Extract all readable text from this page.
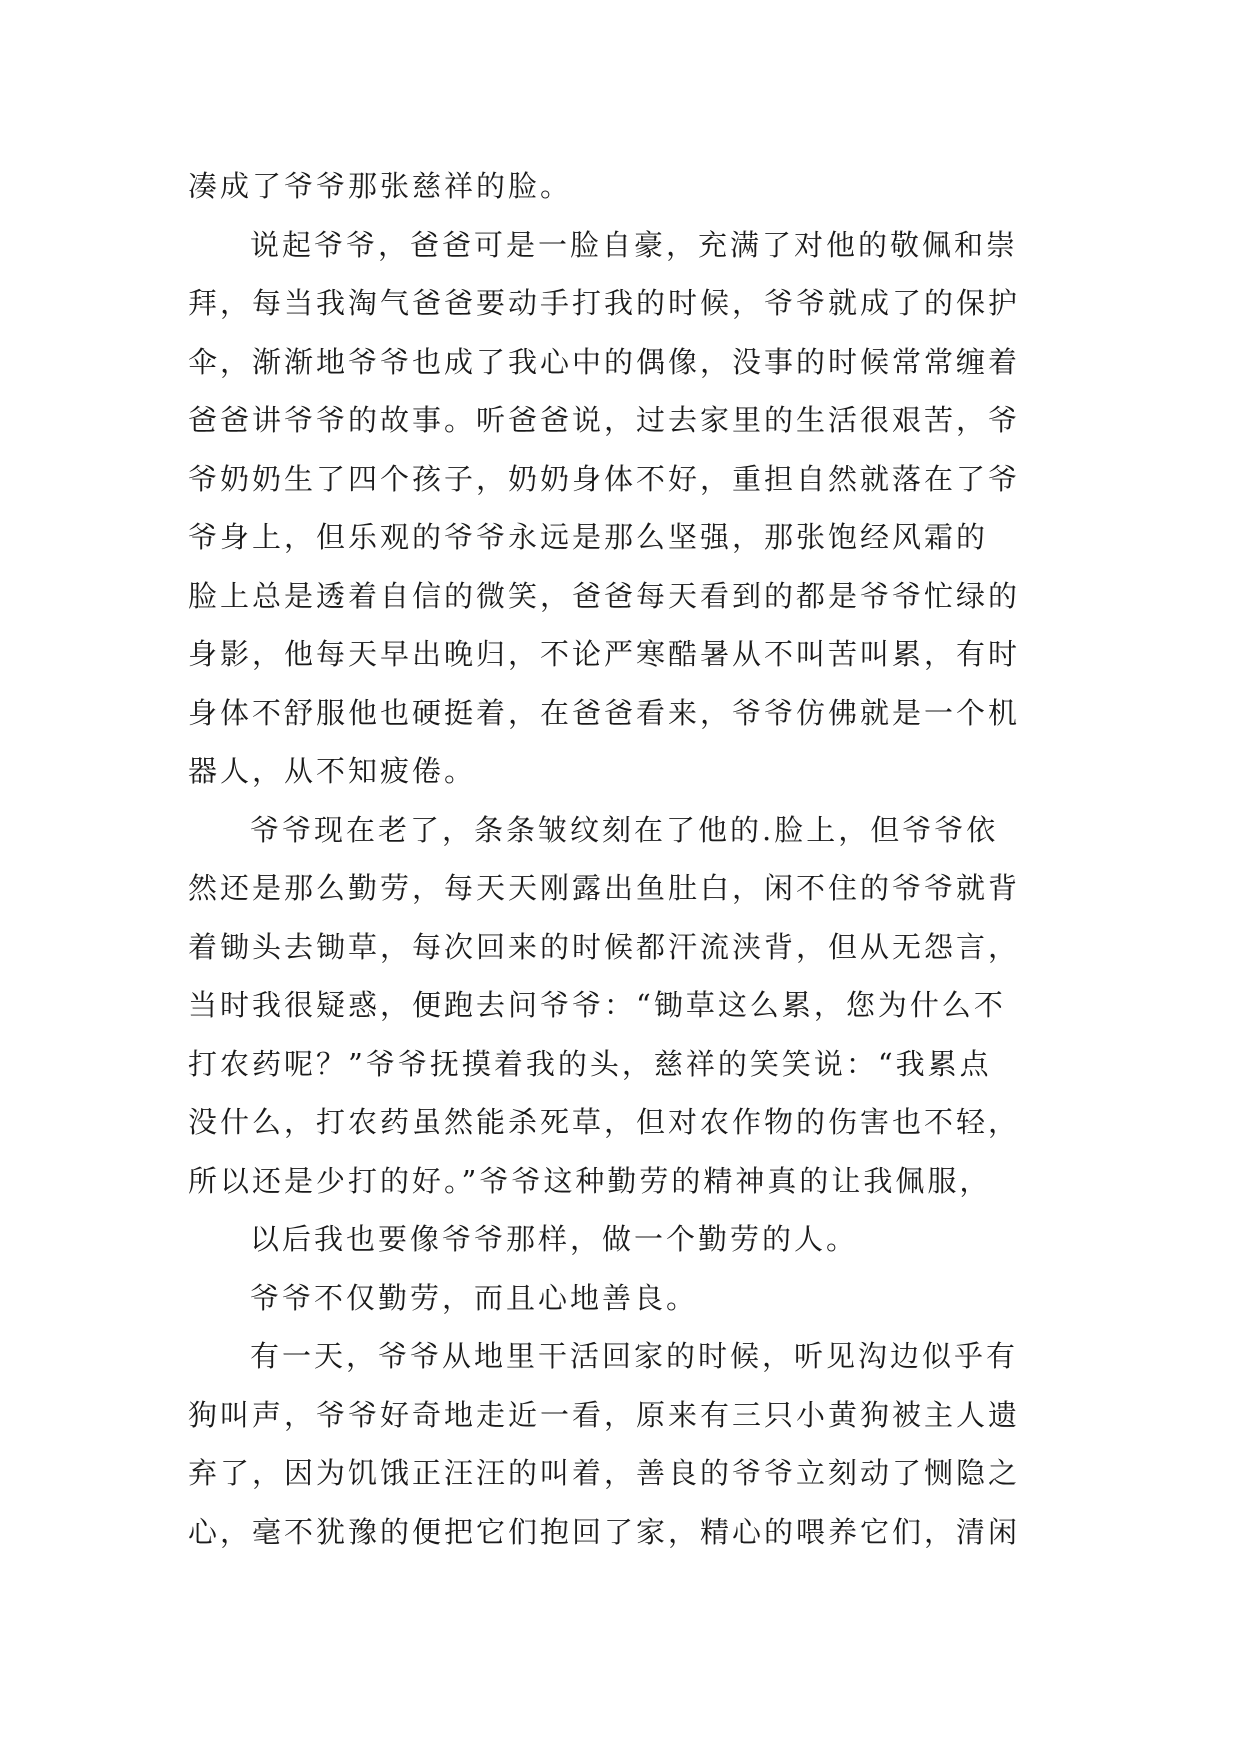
凑成了爷爷那张慈祥的脸。
说起爷爷，爸爸可是一脸自豪，充满了对他的敬佩和崇
拜，每当我淘气爸爸要动手打我的时候，爷爷就成了的保护
伞，渐渐地爷爷也成了我心中的偶像，没事的时候常常缠着
爸爸讲爷爷的故事。听爸爸说，过去家里的生活很艰苦，爷
爷奶奶生了四个孩子，奶奶身体不好，重担自然就落在了爷
爷身上，但乐观的爷爷永远是那么坚强，那张饱经风霜的
脸上总是透着自信的微笑，爸爸每天看到的都是爷爷忙绿的
身影，他每天早出晚归，不论严寒酷暑从不叫苦叫累，有时
身体不舒服他也硬挺着，在爸爸看来，爷爷仿佛就是一个机
器人，从不知疲倦。
爷爷现在老了，条条皱纹刻在了他的.脸上，但爷爷依
然还是那么勤劳，每天天刚露出鱼肚白，闲不住的爷爷就背
着锄头去锄草，每次回来的时候都汗流浃背，但从无怨言，
当时我很疑惑，便跑去问爷爷：“锄草这么累，您为什么不
打农药呢？”爷爷抚摸着我的头，慈祥的笑笑说：“我累点
没什么，打农药虽然能杀死草，但对农作物的伤害也不轻，
所以还是少打的好。”爷爷这种勤劳的精神真的让我佩服，
以后我也要像爷爷那样，做一个勤劳的人。
爷爷不仅勤劳，而且心地善良。
有一天，爷爷从地里干活回家的时候，听见沟边似乎有
狗叫声，爷爷好奇地走近一看，原来有三只小黄狗被主人遗
弃了，因为饥饿正汪汪的叫着，善良的爷爷立刻动了恻隐之
心，毫不犹豫的便把它们抱回了家，精心的喂养它们，清闲
